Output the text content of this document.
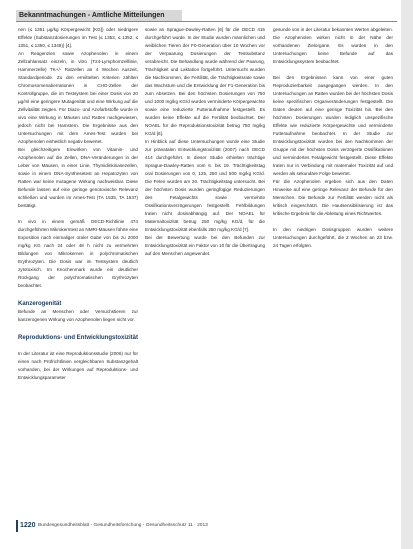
Bekanntmachungen - Amtliche Mitteilungen

nen (≤ 1351 µg/kg Körpergewicht [KG]) oder niedrigere Effekte (Substanzdosierungen im Test (≤ 1353, ≤ 1352, ≤ 1351, ≤ 1350, ≤ 1349)) [4].

An Reagenzien sowie Azophenolen in einem Zellzahlansatz einzeln, in vitro (T24-Lymphomzelllinie, Hammerzelle) TK+/- Ratzellen an 4 Wochen Auszeit, Standardperiode. Zu den ermittelten Kriterien zählten Chromosomenaberrationen in CHO-Zellen der Kontrollgruppe, die im Testsystem bei einer Dosis von 20 µg/ml eine geringere Mutagenität und eine Wirkung auf die Zellvitalität zeigten. Für Diazo- und Azofarbstoffe wurde in vivo eine Wirkung in Mäusen und Ratten nachgewiesen, jedoch nicht bei Hamstern. Die Ergebnisse aus den Untersuchungen mit dem Ames-Test wurden bei Azophenolen einheitlich negativ bewertet.

Bei gleichzeitigem Einwirken von Vitamin- und Azophenolen auf die Zellen, DNA-Veränderungen in der Leber von Mäusen, in einer Linie, Thymidinkinasezellen, sowie in einem DNA-Synthesetest an Hepatozyten von Ratten war keine mutagene Wirkung nachweisbar. Diese Befunde lassen auf eine geringe genotoxische Relevanz schließen und wurden im Ames-Test (TA 1535, TA 1537) bestätigt.

In vivo in einem gemäß OECD-Richtlinie 474 durchgeführten Mikrokerntest an NMRI-Mäusen führte eine Exposition nach einmaliger oraler Gabe von bis zu 2000 mg/kg KG nach 24 oder 48 h nicht zu vermehrten Bildungen von Mikrokernen in polychromatischen Erythrozyten. Die Dosis war im Testsystem deutlich zytotoxisch. Im Knochenmark wurde ein deutlicher Rückgang der polychromatischen Erythrozyten beobachtet.

Kanzerogenität

Befunde an Menschen oder Versuchstieren zur kanzerogenen Wirkung von Azophenolen liegen nicht vor.

Reproduktions- und Entwicklungstoxizität

In der Literatur ist eine Reproduktionsstudie (2006) nur für einen nach Prüfrichtlinien vergleichbaren Substanzgehalt vorhanden, bei der Wirkungen auf Reproduktions- und Entwicklungsparameter

sowie an Sprague-Dawley-Ratten [6] für die OECD 415 durchgeführt wurde. In der Studie wurden männlichen und weiblichen Tieren der F0-Generation über 10 Wochen vor der Verpaarung Dosierungen der Testsubstanz verabreicht. Die Behandlung wurde während der Paarung, Trächtigkeit und Laktation fortgeführt. Untersucht wurden die Nachkommen, die Fertilität, die Trächtigkeitsrate sowie das Wachstum und die Entwicklung der F1-Generation bis zum Absetzen. Bei den höchsten Dosierungen von 750 und 1000 mg/kg KG/d wurden verminderte Körpergewichte sowie eine reduzierte Futteraufnahme festgestellt. Es wurden keine Effekte auf die Fertilität beobachtet. Der NOAEL für die Reproduktionstoxizität betrug 750 mg/kg KG/d [6].

In Hinblick auf diese Untersuchungen wurde eine Studie zur pränatalen Entwicklungstoxizität (2007) nach OECD 414 durchgeführt. In dieser Studie erhielten trächtige Sprague-Dawley-Ratten vom 6. bis 19. Trächtigkeitstag oral Dosierungen von 0, 125, 250 und 500 mg/kg KG/d. Die Feten wurden am 20. Trächtigkeitstag untersucht. Bei der höchsten Dosis wurden geringfügige Reduzierungen des Fetalgewichts sowie vermehrte Ossifikationsverzögerungen festgestellt. Fehlbildungen traten nicht dosisabhängig auf. Der NOAEL für Maternaltoxizität betrug 250 mg/kg KG/d, für die Entwicklungstoxizität ebenfalls 250 mg/kg KG/d [7].

Bei der Bewertung wurde bei den Befunden zur Entwicklungstoxizität ein Faktor von 10 für die Übertragung auf den Menschen angewendet.

gesunde von in der Literatur bekannten Werten abgeleiten. Die Azophenolen wirken nicht in der Nähe der vorhandenen Zielorgane. Es wurden in den Untersuchungen keine Befunde auf das Entwicklungssystem beobachtet.

Bei den Ergebnissen kann von einer guten Reproduzierbarkeit ausgegangen werden. In den Untersuchungen an Ratten wurden bei der höchsten Dosis keine spezifischen Organveränderungen festgestellt. Die Daten deuten auf eine geringe Toxizität hin. Bei den höchsten Dosierungen wurden lediglich unspezifische Effekte wie reduzierte Körpergewichte und verminderte Futteraufnahme beobachtet. In der Studie zur Entwicklungstoxizität wurden bei den Nachkommen der Gruppe mit der höchsten Dosis verzögerte Ossifikationen und vermindertes Fetalgewicht festgestellt. Diese Effekte traten nur in Verbindung mit maternaler Toxizität auf und werden als sekundäre Folge bewertet.

Für die Azophenolen ergeben sich aus den Daten Hinweise auf eine geringe Relevanz der Befunde für den Menschen. Die Befunde zur Fertilität werden nicht als kritisch eingeschätzt. Die Hautsensibilisierung ist das kritische Ergebnis für die Ableitung eines Richtwertes.

In den niedrigen Dosisgruppen wurden weitere Untersuchungen durchgeführt, die 2 Wochen an 23 bzw. 24 Tagen erfolgten.

1220 Bundesgesundheitsblatt - Gesundheitsforschung - Gesundheitsschutz 11 · 2013
